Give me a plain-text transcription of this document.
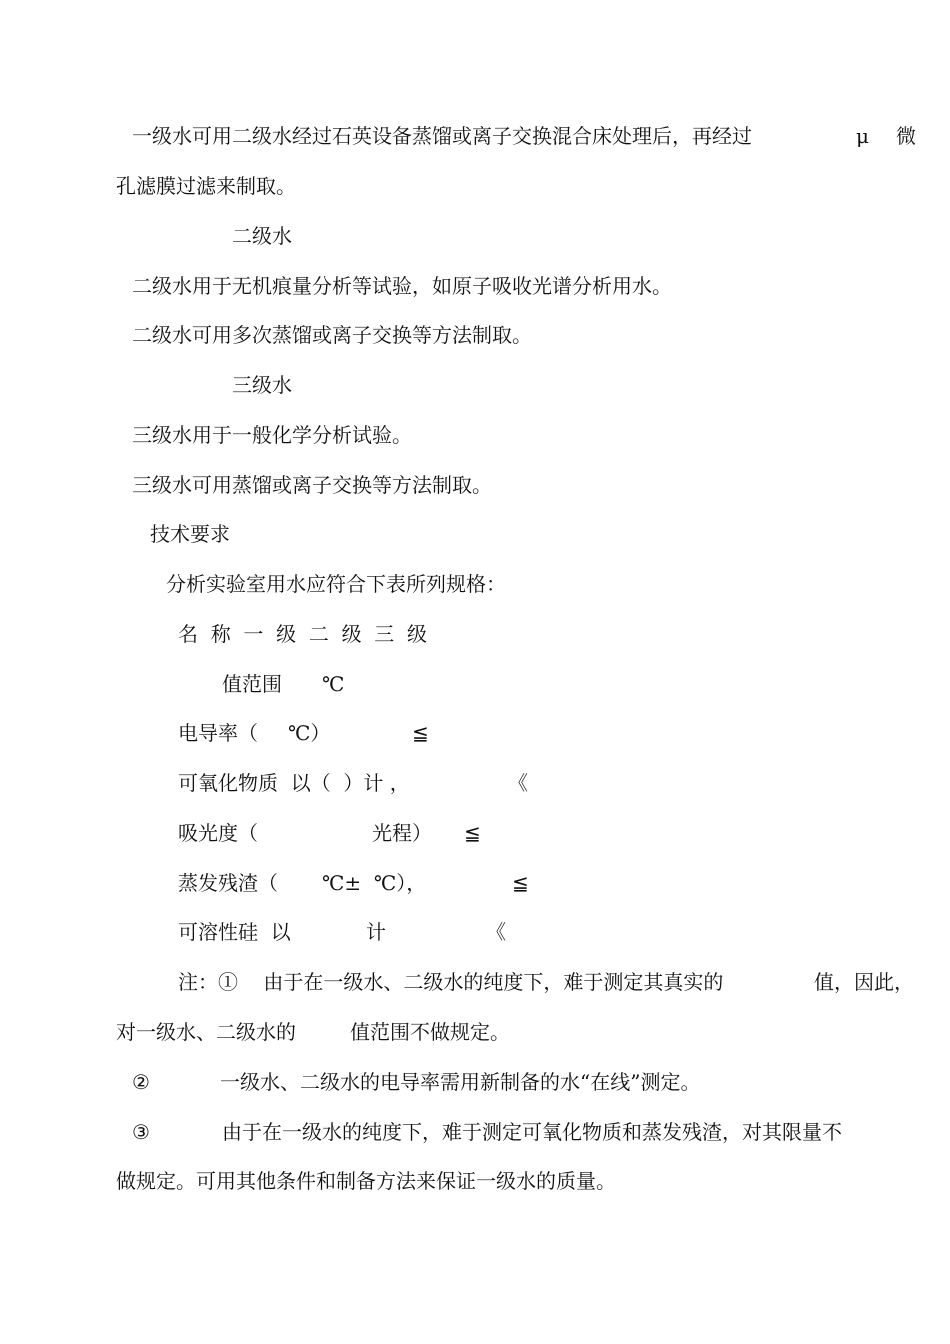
一级水可用二级水经过石英设备蒸馏或离子交换混合床处理后，再经过	μ 微
孔滤膜过滤来制取。
二级水
二级水用于无机痕量分析等试验，如原子吸收光谱分析用水。
二级水可用多次蒸馏或离子交换等方法制取。
三级水
三级水用于一般化学分析试验。
三级水可用蒸馏或离子交换等方法制取。
技术要求
分析实验室用水应符合下表所列规格：
名  称  一  级  二  级  三  级
值范围 ℃
电导率（ ℃）	≦
可氧化物质  以（  ）计 ，	《
吸光度（	光程） ≦
蒸发残渣（ ℃±  ℃），	≦
可溶性硅  以	计	《
注：①    由于在一级水、二级水的纯度下，难于测定其真实的	值，因此，
对一级水、二级水的	值范围不做规定。
②	一级水、二级水的电导率需用新制备的水“在线”测定。
③	由于在一级水的纯度下，难于测定可氧化物质和蒸发残渣，对其限量不
做规定。可用其他条件和制备方法来保证一级水的质量。
